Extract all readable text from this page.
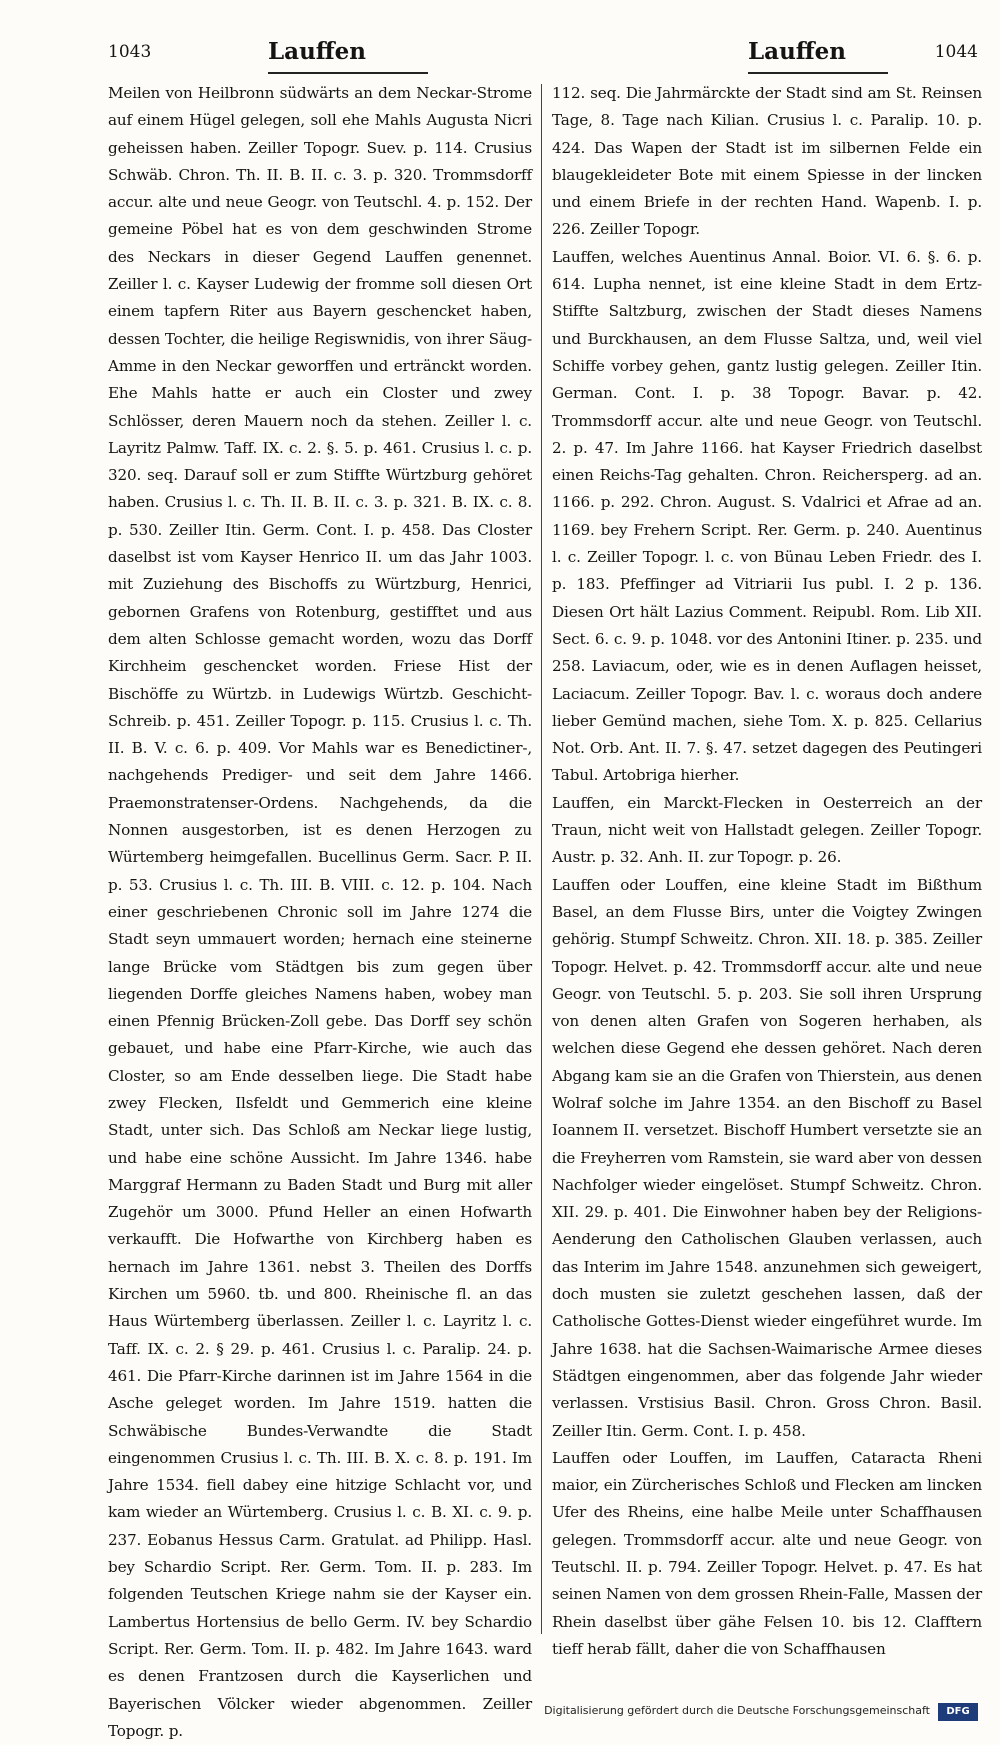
1043	Lauffen	Lauffen	1044

Meilen von Heilbronn südwärts an dem Neckar-Strome auf einem Hügel gelegen, soll ehe Mahls Augusta Nicri geheissen haben. Zeiller Topogr. Suev. p. 114. Crusius Schwäb. Chron. Th. II. B. II. c. 3. p. 320. Trommsdorff accur. alte und neue Geogr. von Teutschl. 4. p. 152. Der gemeine Pöbel hat es von dem geschwinden Strome des Neckars in dieser Gegend Lauffen genennet. Zeiller l. c. Kayser Ludewig der fromme soll diesen Ort einem tapfern Riter aus Bayern geschencket haben, dessen Tochter, die heilige Regiswnidis, von ihrer Säug-Amme in den Neckar geworffen und ertränckt worden. Ehe Mahls hatte er auch ein Closter und zwey Schlösser, deren Mauern noch da stehen. Zeiller l. c. Layritz Palmw. Taff. IX. c. 2. §. 5. p. 461. Crusius l. c. p. 320. seq. Darauf soll er zum Stiffte Würtzburg gehöret haben. Crusius l. c. Th. II. B. II. c. 3. p. 321. B. IX. c. 8. p. 530. Zeiller Itin. Germ. Cont. I. p. 458. Das Closter daselbst ist vom Kayser Henrico II. um das Jahr 1003. mit Zuziehung des Bischoffs zu Würtzburg, Henrici, gebornen Grafens von Rotenburg, gestifftet und aus dem alten Schlosse gemacht worden, wozu das Dorff Kirchheim geschencket worden. Friese Hist der Bischöffe zu Würtzb. in Ludewigs Würtzb. Geschicht-Schreib. p. 451. Zeiller Topogr. p. 115. Crusius l. c. Th. II. B. V. c. 6. p. 409. Vor Mahls war es Benedictiner-, nachgehends Prediger- und seit dem Jahre 1466. Praemonstratenser-Ordens. Nachgehends, da die Nonnen ausgestorben, ist es denen Herzogen zu Würtemberg heimgefallen. Bucellinus Germ. Sacr. P. II. p. 53. Crusius l. c. Th. III. B. VIII. c. 12. p. 104. Nach einer geschriebenen Chronic soll im Jahre 1274 die Stadt seyn ummauert worden; hernach eine steinerne lange Brücke vom Städtgen bis zum gegen über liegenden Dorffe gleiches Namens haben, wobey man einen Pfennig Brücken-Zoll gebe. Das Dorff sey schön gebauet, und habe eine Pfarr-Kirche, wie auch das Closter, so am Ende desselben liege. Die Stadt habe zwey Flecken, Ilsfeldt und Gemmerich eine kleine Stadt, unter sich. Das Schloß am Neckar liege lustig, und habe eine schöne Aussicht. Im Jahre 1346. habe Marggraf Hermann zu Baden Stadt und Burg mit aller Zugehör um 3000. Pfund Heller an einen Hofwarth verkaufft. Die Hofwarthe von Kirchberg haben es hernach im Jahre 1361. nebst 3. Theilen des Dorffs Kirchen um 5960. tb. und 800. Rheinische fl. an das Haus Würtemberg überlassen. Zeiller l. c. Layritz l. c. Taff. IX. c. 2. § 29. p. 461. Crusius l. c. Paralip. 24. p. 461. Die Pfarr-Kirche darinnen ist im Jahre 1564 in die Asche geleget worden. Im Jahre 1519. hatten die Schwäbische Bundes-Verwandte die Stadt eingenommen Crusius l. c. Th. III. B. X. c. 8. p. 191. Im Jahre 1534. fiell dabey eine hitzige Schlacht vor, und kam wieder an Würtemberg. Crusius l. c. B. XI. c. 9. p. 237. Eobanus Hessus Carm. Gratulat. ad Philipp. Hasl. bey Schardio Script. Rer. Germ. Tom. II. p. 283. Im folgenden Teutschen Kriege nahm sie der Kayser ein. Lambertus Hortensius de bello Germ. IV. bey Schardio Script. Rer. Germ. Tom. II. p. 482. Im Jahre 1643. ward es denen Frantzosen durch die Kayserlichen und Bayerischen Völcker wieder abgenommen. Zeiller Topogr. p.

112. seq. Die Jahrmärckte der Stadt sind am St. Reinsen Tage, 8. Tage nach Kilian. Crusius l. c. Paralip. 10. p. 424. Das Wapen der Stadt ist im silbernen Felde ein blaugekleideter Bote mit einem Spiesse in der lincken und einem Briefe in der rechten Hand. Wapenb. I. p. 226. Zeiller Topogr.

Lauffen, welches Auentinus Annal. Boior. VI. 6. §. 6. p. 614. Lupha nennet, ist eine kleine Stadt in dem Ertz-Stiffte Saltzburg, zwischen der Stadt dieses Namens und Burckhausen, an dem Flusse Saltza, und, weil viel Schiffe vorbey gehen, gantz lustig gelegen. Zeiller Itin. German. Cont. I. p. 38 Topogr. Bavar. p. 42. Trommsdorff accur. alte und neue Geogr. von Teutschl. 2. p. 47. Im Jahre 1166. hat Kayser Friedrich daselbst einen Reichs-Tag gehalten. Chron. Reichersperg. ad an. 1166. p. 292. Chron. August. S. Vdalrici et Afrae ad an. 1169. bey Frehern Script. Rer. Germ. p. 240. Auentinus l. c. Zeiller Topogr. l. c. von Bünau Leben Friedr. des I. p. 183. Pfeffinger ad Vitriarii Ius publ. I. 2 p. 136. Diesen Ort hält Lazius Comment. Reipubl. Rom. Lib XII. Sect. 6. c. 9. p. 1048. vor des Antonini Itiner. p. 235. und 258. Laviacum, oder, wie es in denen Auflagen heisset, Laciacum. Zeiller Topogr. Bav. l. c. woraus doch andere lieber Gemünd machen, siehe Tom. X. p. 825. Cellarius Not. Orb. Ant. II. 7. §. 47. setzet dagegen des Peutingeri Tabul. Artobriga hierher.

Lauffen, ein Marckt-Flecken in Oesterreich an der Traun, nicht weit von Hallstadt gelegen. Zeiller Topogr. Austr. p. 32. Anh. II. zur Topogr. p. 26.

Lauffen oder Louffen, eine kleine Stadt im Bißthum Basel, an dem Flusse Birs, unter die Voigtey Zwingen gehörig. Stumpf Schweitz. Chron. XII. 18. p. 385. Zeiller Topogr. Helvet. p. 42. Trommsdorff accur. alte und neue Geogr. von Teutschl. 5. p. 203. Sie soll ihren Ursprung von denen alten Grafen von Sogeren herhaben, als welchen diese Gegend ehe dessen gehöret. Nach deren Abgang kam sie an die Grafen von Thierstein, aus denen Wolraf solche im Jahre 1354. an den Bischoff zu Basel Ioannem II. versetzet. Bischoff Humbert versetzte sie an die Freyherren vom Ramstein, sie ward aber von dessen Nachfolger wieder eingelöset. Stumpf Schweitz. Chron. XII. 29. p. 401. Die Einwohner haben bey der Religions-Aenderung den Catholischen Glauben verlassen, auch das Interim im Jahre 1548. anzunehmen sich geweigert, doch musten sie zuletzt geschehen lassen, daß der Catholische Gottes-Dienst wieder eingeführet wurde. Im Jahre 1638. hat die Sachsen-Waimarische Armee dieses Städtgen eingenommen, aber das folgende Jahr wieder verlassen. Vrstisius Basil. Chron. Gross Chron. Basil. Zeiller Itin. Germ. Cont. I. p. 458.

Lauffen oder Louffen, im Lauffen, Cataracta Rheni maior, ein Zürcherisches Schloß und Flecken am lincken Ufer des Rheins, eine halbe Meile unter Schaffhausen gelegen. Trommsdorff accur. alte und neue Geogr. von Teutschl. II. p. 794. Zeiller Topogr. Helvet. p. 47. Es hat seinen Namen von dem grossen Rhein-Falle, Massen der Rhein daselbst über gähe Felsen 10. bis 12. Clafftern tieff herab fällt, daher die von Schaffhausen

Digitalisierung gefördert durch die Deutsche Forschungsgemeinschaft	DFG
